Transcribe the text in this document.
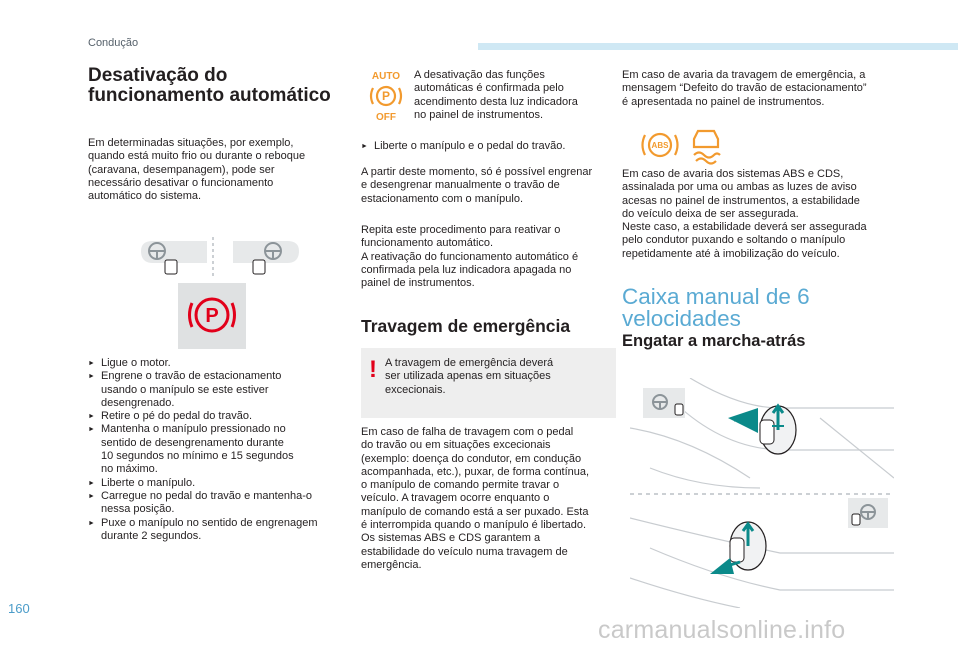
Condução
Desativação do
funcionamento automático
Em determinadas situações, por exemplo,
quando está muito frio ou durante o reboque
(caravana, desempanagem), pode ser
necessário desativar o funcionamento
automático do sistema.
P
► Ligue o motor.
► Engrene o travão de estacionamento
usando o manípulo se este estiver
desengrenado.
► Retire o pé do pedal do travão.
► Mantenha o manípulo pressionado no
sentido de desengrenamento durante
10 segundos no mínimo e 15 segundos
no máximo.
► Liberte o manípulo.
► Carregue no pedal do travão e mantenha-o
nessa posição.
► Puxe o manípulo no sentido de engrenagem
durante 2 segundos.
AUTO
P
OFF
A desativação das funções
automáticas é confirmada pelo
acendimento desta luz indicadora
no painel de instrumentos.
► Liberte o manípulo e o pedal do travão.
A partir deste momento, só é possível engrenar
e desengrenar manualmente o travão de
estacionamento com o manípulo.
Repita este procedimento para reativar o
funcionamento automático.
A reativação do funcionamento automático é
confirmada pela luz indicadora apagada no
painel de instrumentos.
Travagem de emergência
! A travagem de emergência deverá
ser utilizada apenas em situações
excecionais.
Em caso de falha de travagem com o pedal
do travão ou em situações excecionais
(exemplo: doença do condutor, em condução
acompanhada, etc.), puxar, de forma contínua,
o manípulo de comando permite travar o
veículo. A travagem ocorre enquanto o
manípulo de comando está a ser puxado. Esta
é interrompida quando o manípulo é libertado.
Os sistemas ABS e CDS garantem a
estabilidade do veículo numa travagem de
emergência.
Em caso de avaria da travagem de emergência, a
mensagem “Defeito do travão de estacionamento”
é apresentada no painel de instrumentos.
ABS
Em caso de avaria dos sistemas ABS e CDS,
assinalada por uma ou ambas as luzes de aviso
acesas no painel de instrumentos, a estabilidade
do veículo deixa de ser assegurada.
Neste caso, a estabilidade deverá ser assegurada
pelo condutor puxando e soltando o manípulo
repetidamente até à imobilização do veículo.
Caixa manual de 6
velocidades
Engatar a marcha-atrás
160
carmanualsonline.info
